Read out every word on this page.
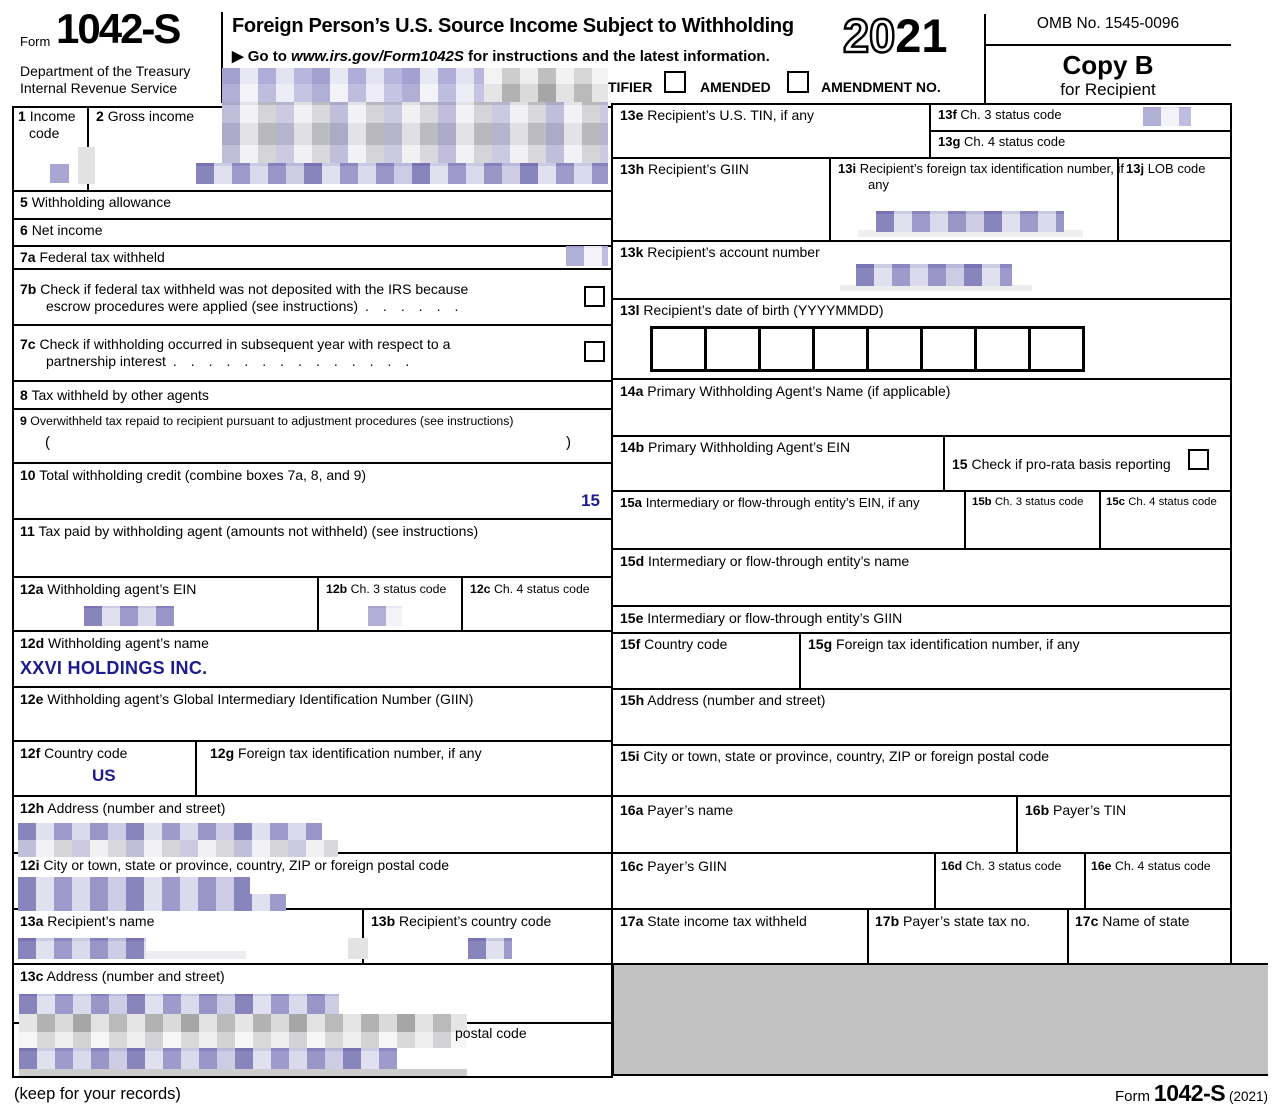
Form 1042-S
Department of the Treasury
Internal Revenue Service
Foreign Person’s U.S. Source Income Subject to Withholding
▶ Go to www.irs.gov/Form1042S for instructions and the latest information. 2021	OMB No. 1545-0096
Copy B
for Recipient
TIFIER	AMENDED	AMENDMENT NO.
1 Income code
2 Gross income
5 Withholding allowance
6 Net income
7a Federal tax withheld
7b Check if federal tax withheld was not deposited with the IRS because
escrow procedures were applied (see instructions) . . . . . .
7c Check if withholding occurred in subsequent year with respect to a
partnership interest . . . . . . . . . . . . . .
8 Tax withheld by other agents
9 Overwithheld tax repaid to recipient pursuant to adjustment procedures (see instructions)
(	)
10 Total withholding credit (combine boxes 7a, 8, and 9)
15
11 Tax paid by withholding agent (amounts not withheld) (see instructions)
12a Withholding agent’s EIN	12b Ch. 3 status code 12c Ch. 4 status code
12d Withholding agent’s name
XXVI HOLDINGS INC.
12e Withholding agent’s Global Intermediary Identification Number (GIIN)
12f Country code
US
12g Foreign tax identification number, if any
12h Address (number and street)
12i City or town, state or province, country, ZIP or foreign postal code
13a Recipient’s name	13b Recipient’s country code
13c Address (number and street)
13e Recipient’s U.S. TIN, if any	13f Ch. 3 status code
13g Ch. 4 status code
13h Recipient’s GIIN	13i Recipient’s foreign tax identification number, if any
13j LOB code
13k Recipient’s account number
13l Recipient’s date of birth (YYYYMMDD)
14a Primary Withholding Agent’s Name (if applicable)
14b Primary Withholding Agent’s EIN
15 Check if pro-rata basis reporting
15a Intermediary or flow-through entity’s EIN, if any	15b Ch. 3 status code 15c Ch. 4 status code
15d Intermediary or flow-through entity’s name
15e Intermediary or flow-through entity’s GIIN
15f Country code	15g Foreign tax identification number, if any
15h Address (number and street)
15i City or town, state or province, country, ZIP or foreign postal code
16a Payer’s name	16b Payer’s TIN
16c Payer’s GIIN	16d Ch. 3 status code 16e Ch. 4 status code
17a State income tax withheld	17b Payer’s state tax no.	17c Name of state
postal code
(keep for your records)	Form 1042-S (2021)
